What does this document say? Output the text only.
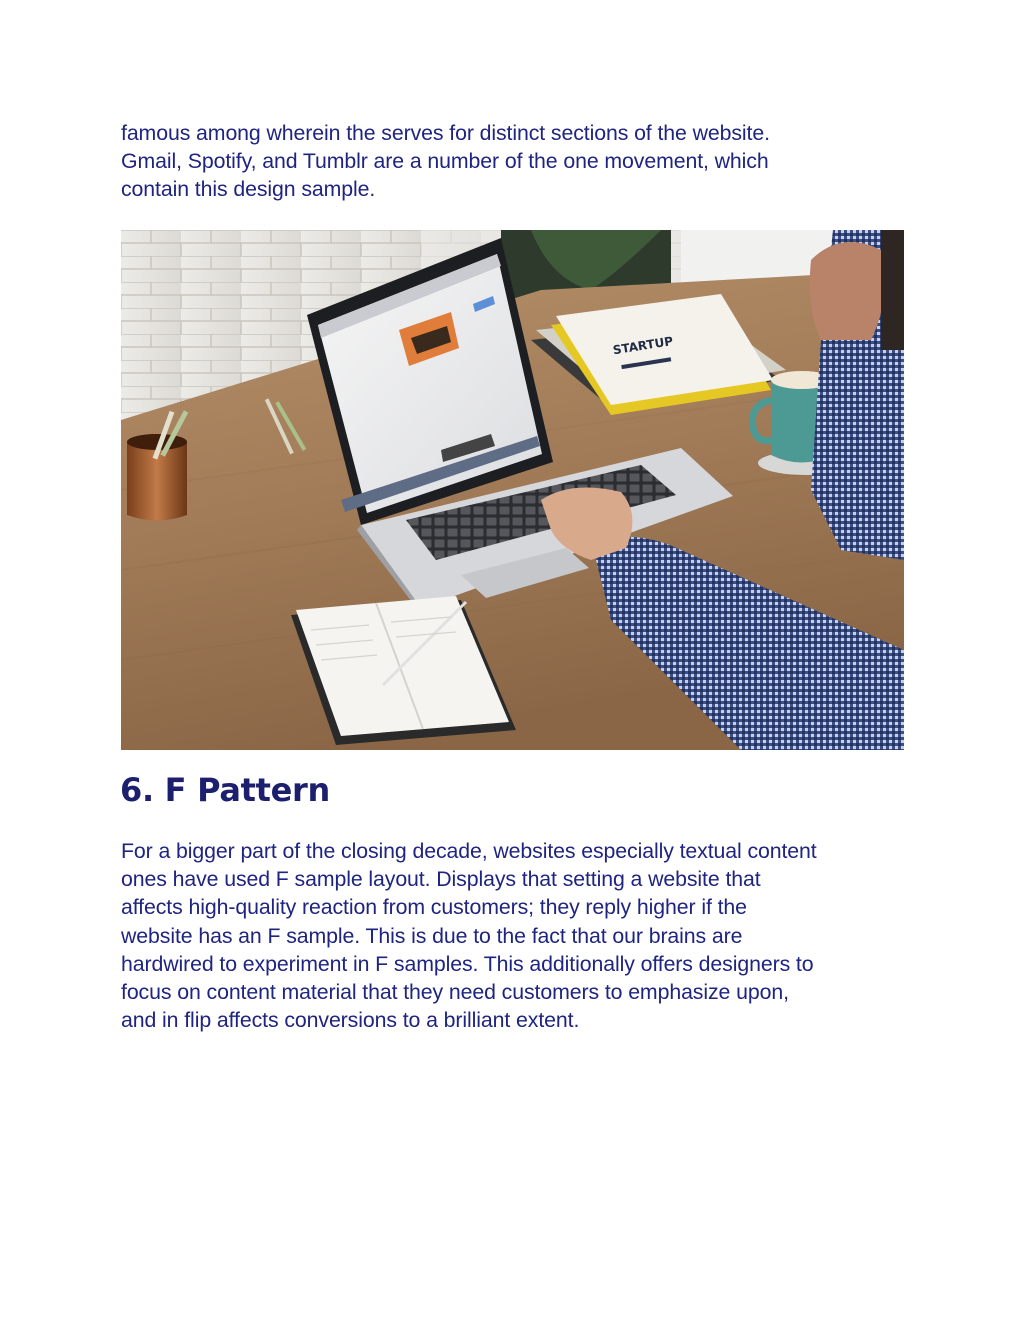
famous among wherein the serves for distinct sections of the website.
Gmail, Spotify, and Tumblr are a number of the one movement, which
contain this design sample.

STARTUP
6. F Pattern

For a bigger part of the closing decade, websites especially textual content
ones have used F sample layout. Displays that setting a website that
affects high-quality reaction from customers; they reply higher if the
website has an F sample. This is due to the fact that our brains are
hardwired to experiment in F samples. This additionally offers designers to
focus on content material that they need customers to emphasize upon,
and in flip affects conversions to a brilliant extent.
